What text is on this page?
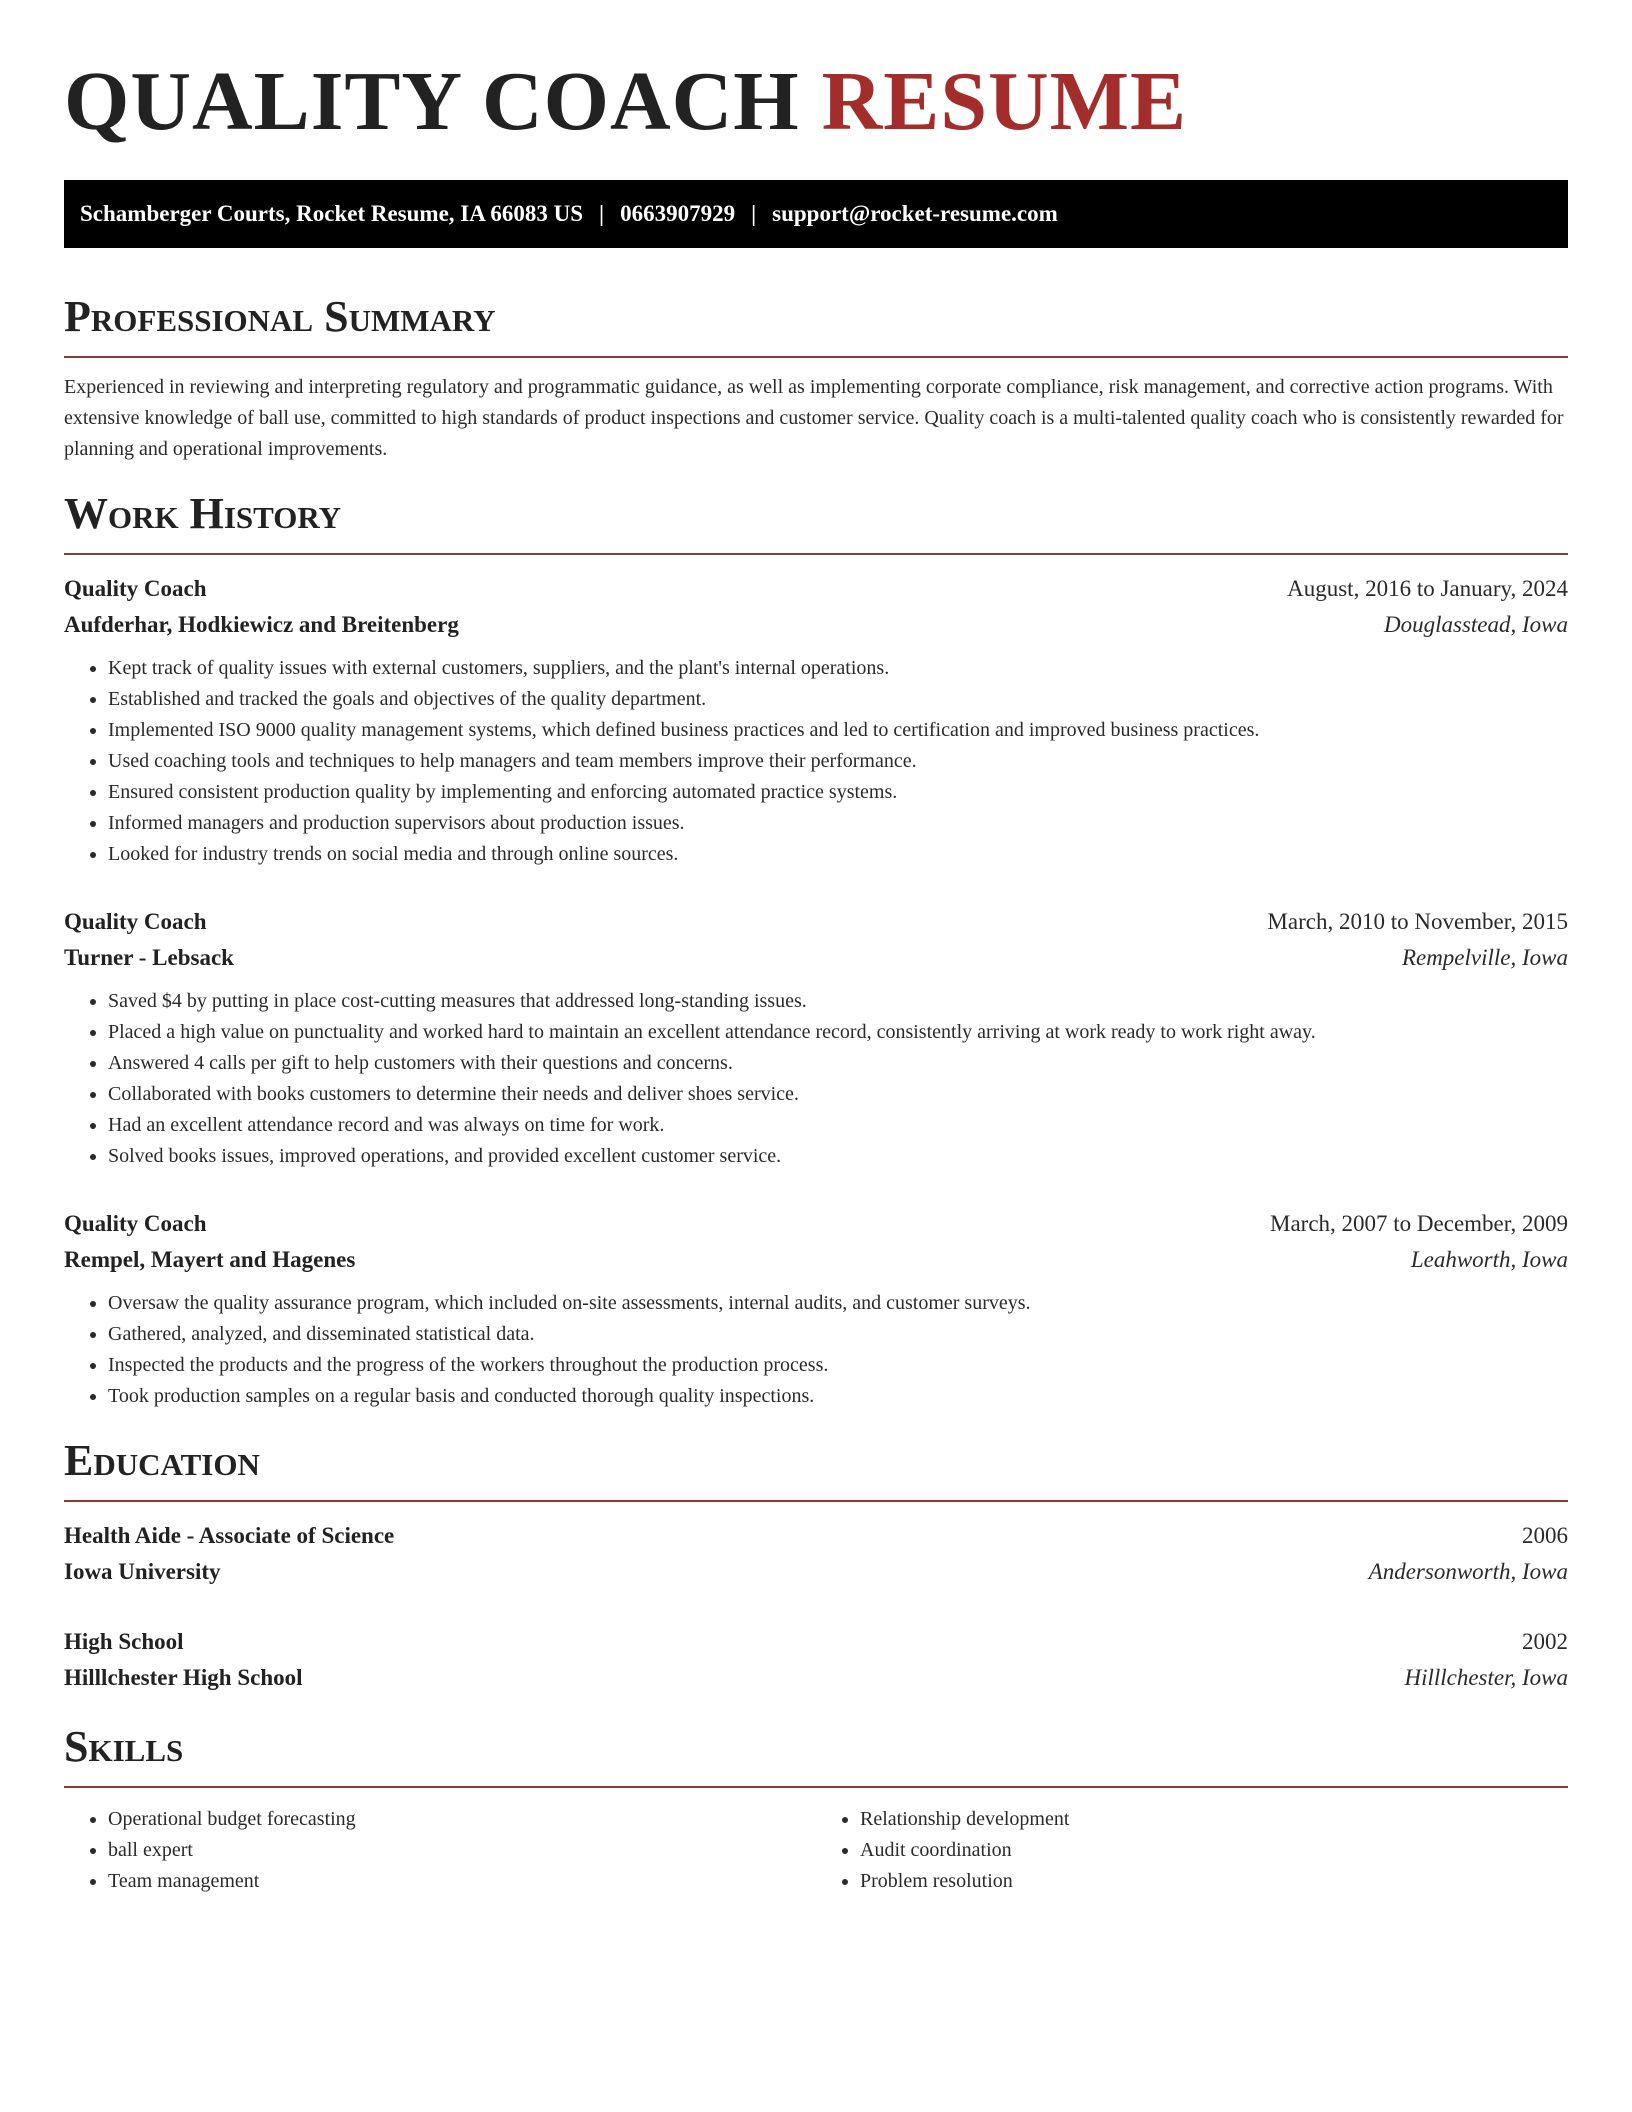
QUALITY COACH RESUME
Schamberger Courts, Rocket Resume, IA 66083 US | 0663907929 | support@rocket-resume.com
Professional Summary

Experienced in reviewing and interpreting regulatory and programmatic guidance, as well as implementing corporate compliance, risk management, and corrective action programs. With extensive knowledge of ball use, committed to high standards of product inspections and customer service. Quality coach is a multi-talented quality coach who is consistently rewarded for planning and operational improvements.

Work History
Quality Coach	August, 2016 to January, 2024
Aufderhar, Hodkiewicz and Breitenberg	Douglasstead, Iowa
• Kept track of quality issues with external customers, suppliers, and the plant's internal operations.
• Established and tracked the goals and objectives of the quality department.
• Implemented ISO 9000 quality management systems, which defined business practices and led to certification and improved business practices.
• Used coaching tools and techniques to help managers and team members improve their performance.
• Ensured consistent production quality by implementing and enforcing automated practice systems.
• Informed managers and production supervisors about production issues.
• Looked for industry trends on social media and through online sources.
Quality Coach	March, 2010 to November, 2015
Turner - Lebsack	Rempelville, Iowa
• Saved $4 by putting in place cost-cutting measures that addressed long-standing issues.
• Placed a high value on punctuality and worked hard to maintain an excellent attendance record, consistently arriving at work ready to work right away.
• Answered 4 calls per gift to help customers with their questions and concerns.
• Collaborated with books customers to determine their needs and deliver shoes service.
• Had an excellent attendance record and was always on time for work.
• Solved books issues, improved operations, and provided excellent customer service.
Quality Coach	March, 2007 to December, 2009
Rempel, Mayert and Hagenes	Leahworth, Iowa
• Oversaw the quality assurance program, which included on-site assessments, internal audits, and customer surveys.
• Gathered, analyzed, and disseminated statistical data.
• Inspected the products and the progress of the workers throughout the production process.
• Took production samples on a regular basis and conducted thorough quality inspections.
Education
Health Aide - Associate of Science	2006
Iowa University	Andersonworth, Iowa
High School	2002
Hilllchester High School	Hilllchester, Iowa
Skills
• Operational budget forecasting
• ball expert
• Team management
• Relationship development
• Audit coordination
• Problem resolution
